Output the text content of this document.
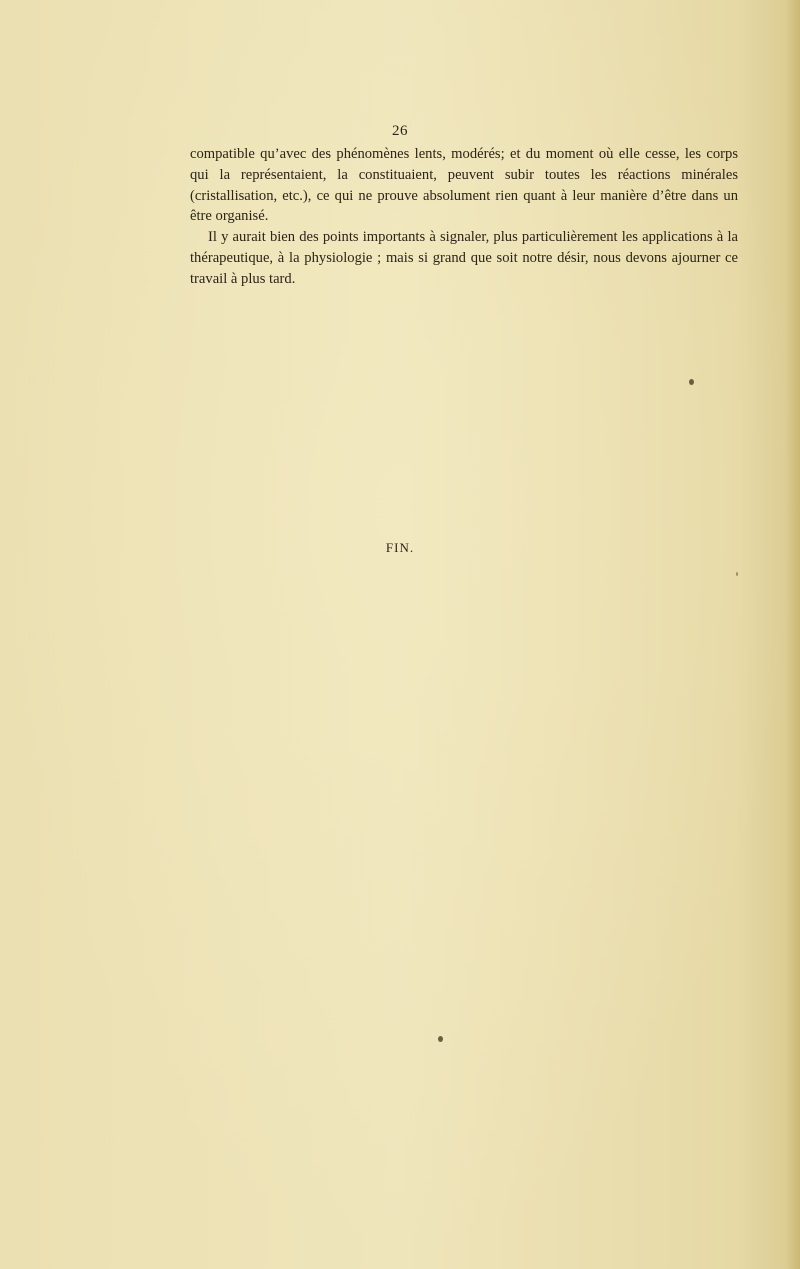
26

compatible qu’avec des phénomènes lents, modérés; et du moment où elle cesse, les corps qui la représentaient, la constituaient, peuvent subir toutes les réactions minérales (cristallisation, etc.), ce qui ne prouve absolument rien quant à leur manière d’être dans un être organisé.

Il y aurait bien des points importants à signaler, plus particulièrement les applications à la thérapeutique, à la physiologie ; mais si grand que soit notre désir, nous devons ajourner ce travail à plus tard.

FIN.
